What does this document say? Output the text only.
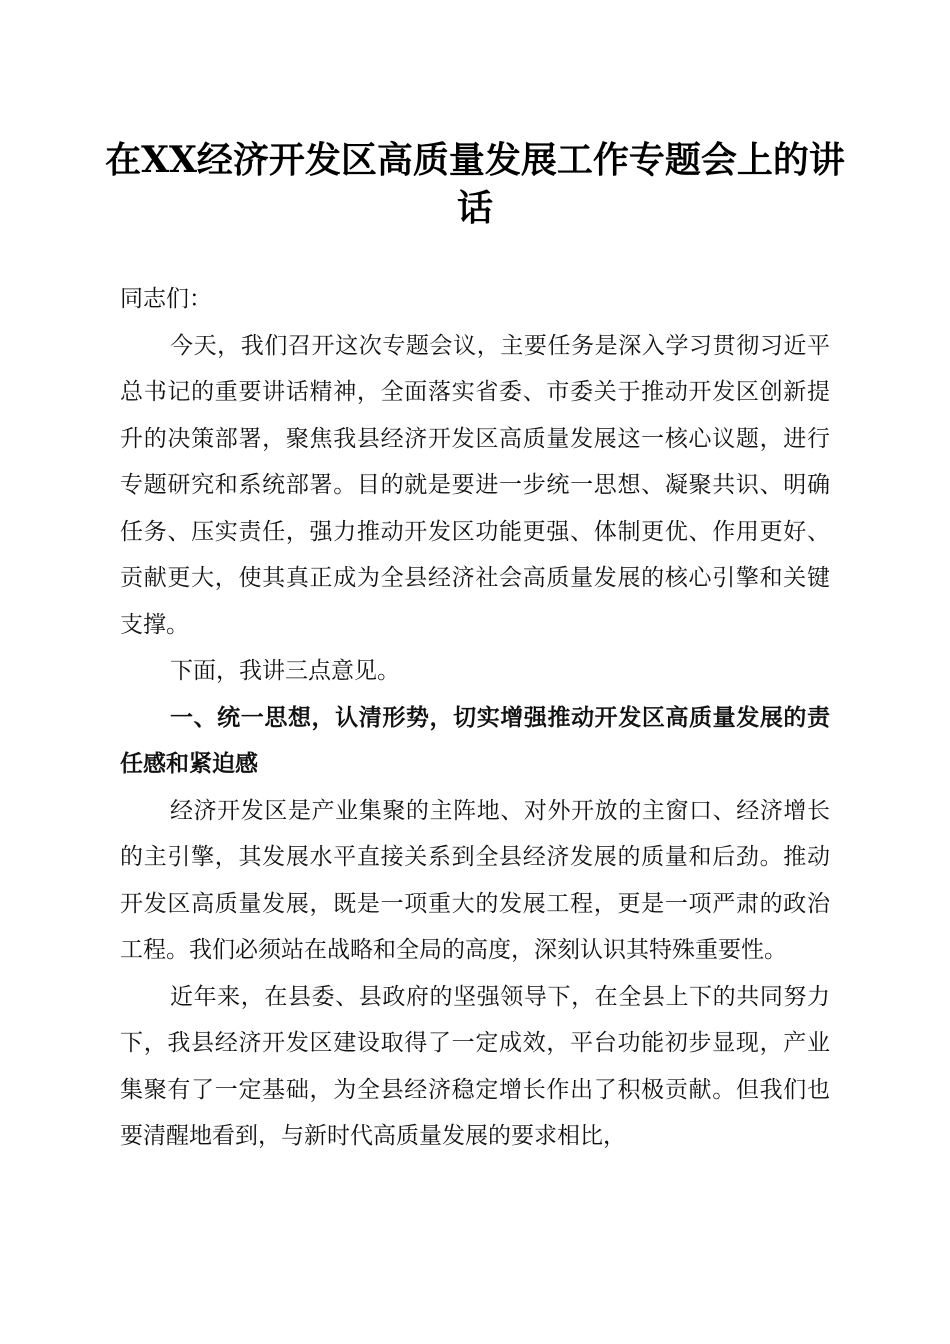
在XX经济开发区高质量发展工作专题会上的讲话

同志们：

今天，我们召开这次专题会议，主要任务是深入学习贯彻习近平总书记的重要讲话精神，全面落实省委、市委关于推动开发区创新提升的决策部署，聚焦我县经济开发区高质量发展这一核心议题，进行专题研究和系统部署。目的就是要进一步统一思想、凝聚共识、明确任务、压实责任，强力推动开发区功能更强、体制更优、作用更好、贡献更大，使其真正成为全县经济社会高质量发展的核心引擎和关键支撑。

下面，我讲三点意见。

一、统一思想，认清形势，切实增强推动开发区高质量发展的责任感和紧迫感

经济开发区是产业集聚的主阵地、对外开放的主窗口、经济增长的主引擎，其发展水平直接关系到全县经济发展的质量和后劲。推动开发区高质量发展，既是一项重大的发展工程，更是一项严肃的政治工程。我们必须站在战略和全局的高度，深刻认识其特殊重要性。

近年来，在县委、县政府的坚强领导下，在全县上下的共同努力下，我县经济开发区建设取得了一定成效，平台功能初步显现，产业集聚有了一定基础，为全县经济稳定增长作出了积极贡献。但我们也要清醒地看到，与新时代高质量发展的要求相比，
